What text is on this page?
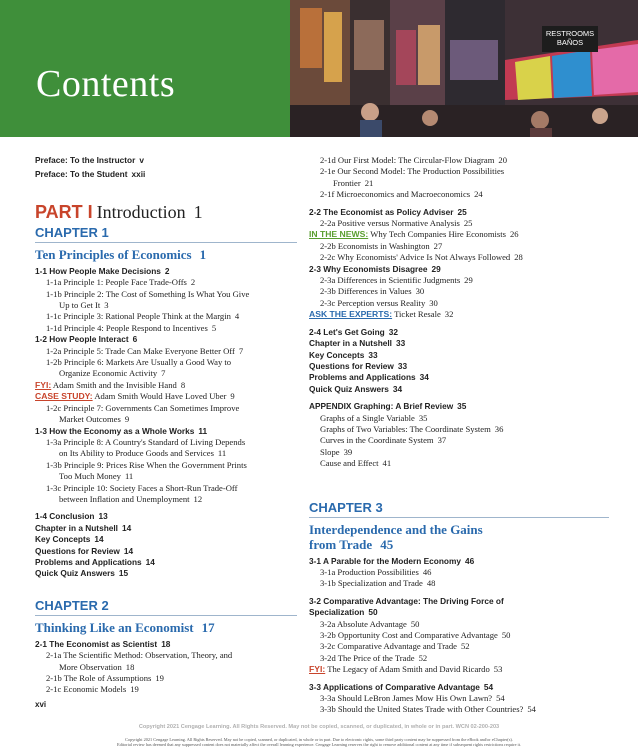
Contents
RESTROOMS
BAÑOS
Preface: To the Instructor v
Preface: To the Student xxii
PART I Introduction 1
CHAPTER 1
Ten Principles of Economics 1
1-1 How People Make Decisions 2
1-1a Principle 1: People Face Trade-Offs 2
1-1b Principle 2: The Cost of Something Is What You Give
Up to Get It 3
1-1c Principle 3: Rational People Think at the Margin 4
1-1d Principle 4: People Respond to Incentives 5
1-2 How People Interact 6
1-2a Principle 5: Trade Can Make Everyone Better Off 7
1-2b Principle 6: Markets Are Usually a Good Way to
Organize Economic Activity 7
FYI: Adam Smith and the Invisible Hand 8
CASE STUDY: Adam Smith Would Have Loved Uber 9
1-2c Principle 7: Governments Can Sometimes Improve
Market Outcomes 9
1-3 How the Economy as a Whole Works 11
1-3a Principle 8: A Country's Standard of Living Depends
on Its Ability to Produce Goods and Services 11
1-3b Principle 9: Prices Rise When the Government Prints
Too Much Money 11
1-3c Principle 10: Society Faces a Short-Run Trade-Off
between Inflation and Unemployment 12
1-4 Conclusion 13
Chapter in a Nutshell 14
Key Concepts 14
Questions for Review 14
Problems and Applications 14
Quick Quiz Answers 15
CHAPTER 2
Thinking Like an Economist 17
2-1 The Economist as Scientist 18
2-1a The Scientific Method: Observation, Theory, and
More Observation 18
2-1b The Role of Assumptions 19
2-1c Economic Models 19
2-1d Our First Model: The Circular-Flow Diagram 20
2-1e Our Second Model: The Production Possibilities
Frontier 21
2-1f Microeconomics and Macroeconomics 24
2-2 The Economist as Policy Adviser 25
2-2a Positive versus Normative Analysis 25
IN THE NEWS: Why Tech Companies Hire Economists 26
2-2b Economists in Washington 27
2-2c Why Economists' Advice Is Not Always Followed 28
2-3 Why Economists Disagree 29
2-3a Differences in Scientific Judgments 29
2-3b Differences in Values 30
2-3c Perception versus Reality 30
ASK THE EXPERTS: Ticket Resale 32
2-4 Let's Get Going 32
Chapter in a Nutshell 33
Key Concepts 33
Questions for Review 33
Problems and Applications 34
Quick Quiz Answers 34
APPENDIX Graphing: A Brief Review 35
Graphs of a Single Variable 35
Graphs of Two Variables: The Coordinate System 36
Curves in the Coordinate System 37
Slope 39
Cause and Effect 41
CHAPTER 3
Interdependence and the Gains
from Trade 45
3-1 A Parable for the Modern Economy 46
3-1a Production Possibilities 46
3-1b Specialization and Trade 48
3-2 Comparative Advantage: The Driving Force of
Specialization 50
3-2a Absolute Advantage 50
3-2b Opportunity Cost and Comparative Advantage 50
3-2c Comparative Advantage and Trade 52
3-2d The Price of the Trade 52
FYI: The Legacy of Adam Smith and David Ricardo 53
3-3 Applications of Comparative Advantage 54
3-3a Should LeBron James Mow His Own Lawn? 54
3-3b Should the United States Trade with Other Countries? 54
xvi
Copyright 2021 Cengage Learning. All Rights Reserved. May not be copied, scanned, or duplicated, in whole or in part. WCN 02-200-203
Copyright 2021 Cengage Learning. All Rights Reserved. May not be copied, scanned, or duplicated, in whole or in part. Due to electronic rights, some third party content may be suppressed from the eBook and/or eChapter(s).
Editorial review has deemed that any suppressed content does not materially affect the overall learning experience. Cengage Learning reserves the right to remove additional content at any time if subsequent rights restrictions require it.
